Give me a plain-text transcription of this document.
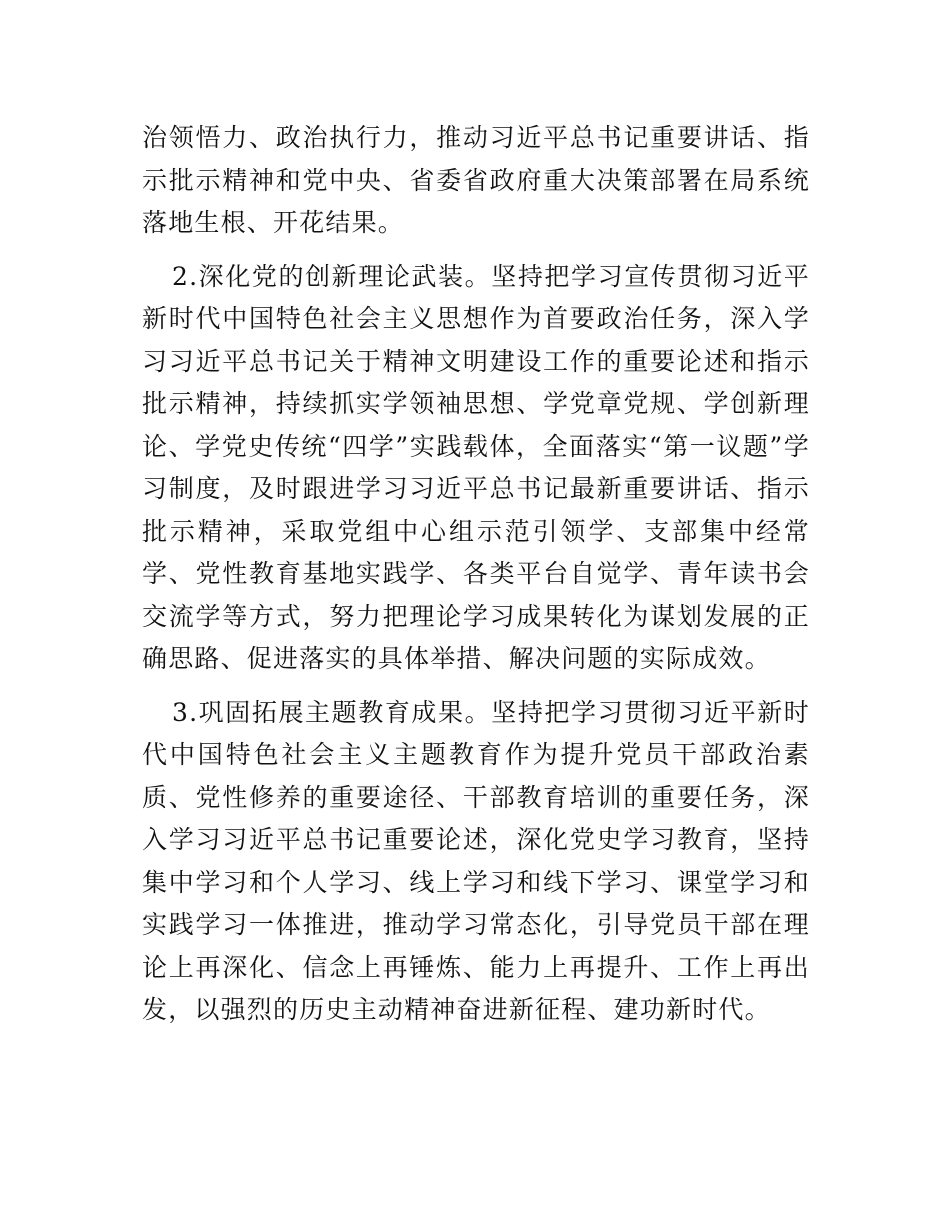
治领悟力、政治执行力，推动习近平总书记重要讲话、指示批示精神和党中央、省委省政府重大决策部署在局系统落地生根、开花结果。

2.深化党的创新理论武装。坚持把学习宣传贯彻习近平新时代中国特色社会主义思想作为首要政治任务，深入学习习近平总书记关于精神文明建设工作的重要论述和指示批示精神，持续抓实学领袖思想、学党章党规、学创新理论、学党史传统“四学”实践载体，全面落实“第一议题”学习制度，及时跟进学习习近平总书记最新重要讲话、指示批示精神，采取党组中心组示范引领学、支部集中经常学、党性教育基地实践学、各类平台自觉学、青年读书会交流学等方式，努力把理论学习成果转化为谋划发展的正确思路、促进落实的具体举措、解决问题的实际成效。

3.巩固拓展主题教育成果。坚持把学习贯彻习近平新时代中国特色社会主义主题教育作为提升党员干部政治素质、党性修养的重要途径、干部教育培训的重要任务，深入学习习近平总书记重要论述，深化党史学习教育，坚持集中学习和个人学习、线上学习和线下学习、课堂学习和实践学习一体推进，推动学习常态化，引导党员干部在理论上再深化、信念上再锤炼、能力上再提升、工作上再出发，以强烈的历史主动精神奋进新征程、建功新时代。
